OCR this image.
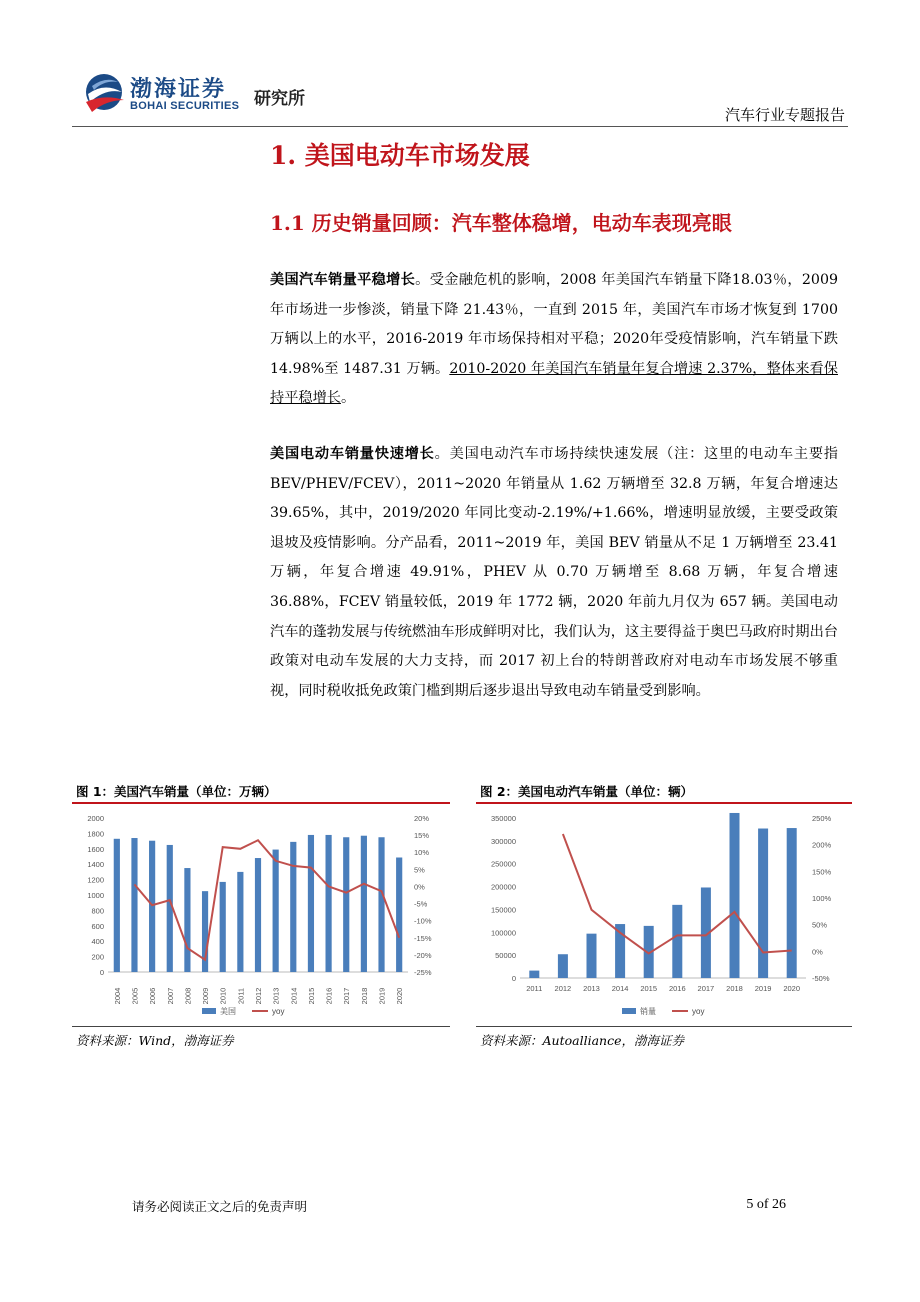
渤海证券
BOHAI SECURITIES 研究所
汽车行业专题报告
1. 美国电动车市场发展
1.1 历史销量回顾：汽车整体稳增，电动车表现亮眼
美国汽车销量平稳增长。受金融危机的影响，2008 年美国汽车销量下降18.03％，2009 年市场进一步惨淡，销量下降 21.43％，一直到 2015 年，美国汽车市场才恢复到 1700 万辆以上的水平，2016-2019 年市场保持相对平稳；2020年受疫情影响，汽车销量下跌 14.98%至 1487.31 万辆。2010-2020 年美国汽车销量年复合增速 2.37%，整体来看保持平稳增长。
美国电动车销量快速增长。美国电动汽车市场持续快速发展（注：这里的电动车主要指 BEV/PHEV/FCEV），2011~2020 年销量从 1.62 万辆增至 32.8 万辆，年复合增速达 39.65%，其中，2019/2020 年同比变动-2.19%/+1.66%，增速明显放缓，主要受政策退坡及疫情影响。分产品看，2011~2019 年，美国 BEV 销量从不足 1 万辆增至 23.41 万辆，年复合增速 49.91%，PHEV 从 0.70 万辆增至 8.68 万辆，年复合增速 36.88%，FCEV 销量较低，2019 年 1772 辆，2020 年前九月仅为 657 辆。美国电动汽车的蓬勃发展与传统燃油车形成鲜明对比，我们认为，这主要得益于奥巴马政府时期出台政策对电动车发展的大力支持，而 2017 初上台的特朗普政府对电动车市场发展不够重视，同时税收抵免政策门槛到期后逐步退出导致电动车销量受到影响。
图 1：美国汽车销量（单位：万辆）
0
200
400
600
800
1000
1200
1400
1600
1800
2000
-25%
-20%
-15%
-10%
-5%
0%
5%
10%
15%
20%
2004 2005 2006 2007 2008 2009 2010 2011 2012 2013 2014 2015 2016 2017 2018 2019 2020
美国	yoy
资料来源：Wind，渤海证券
图 2：美国电动汽车销量（单位：辆）
0
50000
100000
150000
200000
250000
300000
350000
-50%
0%
50%
100%
150%
200%
250%
2011 2012 2013 2014 2015 2016 2017 2018 2019 2020
销量	yoy
资料来源：Autoalliance，渤海证券
请务必阅读正文之后的免责声明	5 of 26
